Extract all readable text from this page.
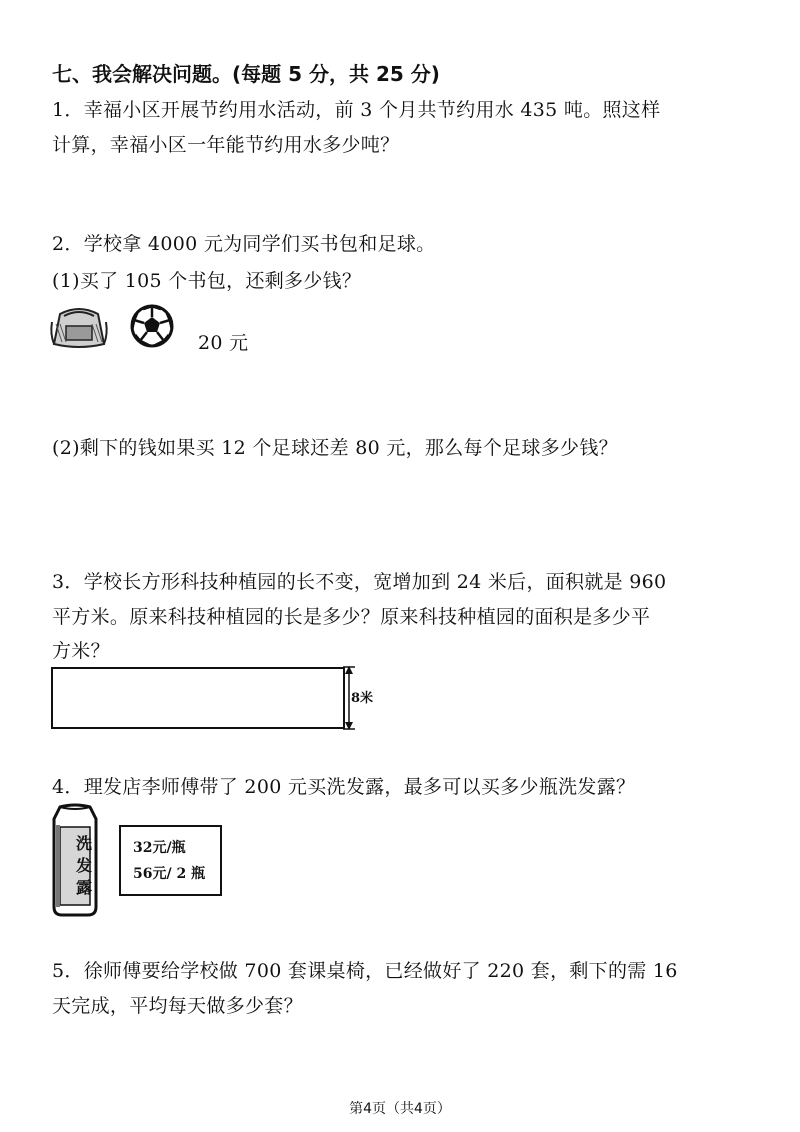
七、我会解决问题。(每题 5 分，共 25 分)
1．幸福小区开展节约用水活动，前 3 个月共节约用水 435 吨。照这样
计算，幸福小区一年能节约用水多少吨？
2．学校拿 4000 元为同学们买书包和足球。
(1)买了 105 个书包，还剩多少钱？
20 元
(2)剩下的钱如果买 12 个足球还差 80 元，那么每个足球多少钱？
3．学校长方形科技种植园的长不变，宽增加到 24 米后，面积就是 960
平方米。原来科技种植园的长是多少？原来科技种植园的面积是多少平
方米？
8米
4．理发店李师傅带了 200 元买洗发露，最多可以买多少瓶洗发露？
洗
发
露
32元/瓶
56元/ 2 瓶
5．徐师傅要给学校做 700 套课桌椅，已经做好了 220 套，剩下的需 16
天完成，平均每天做多少套？
第4页（共4页）
